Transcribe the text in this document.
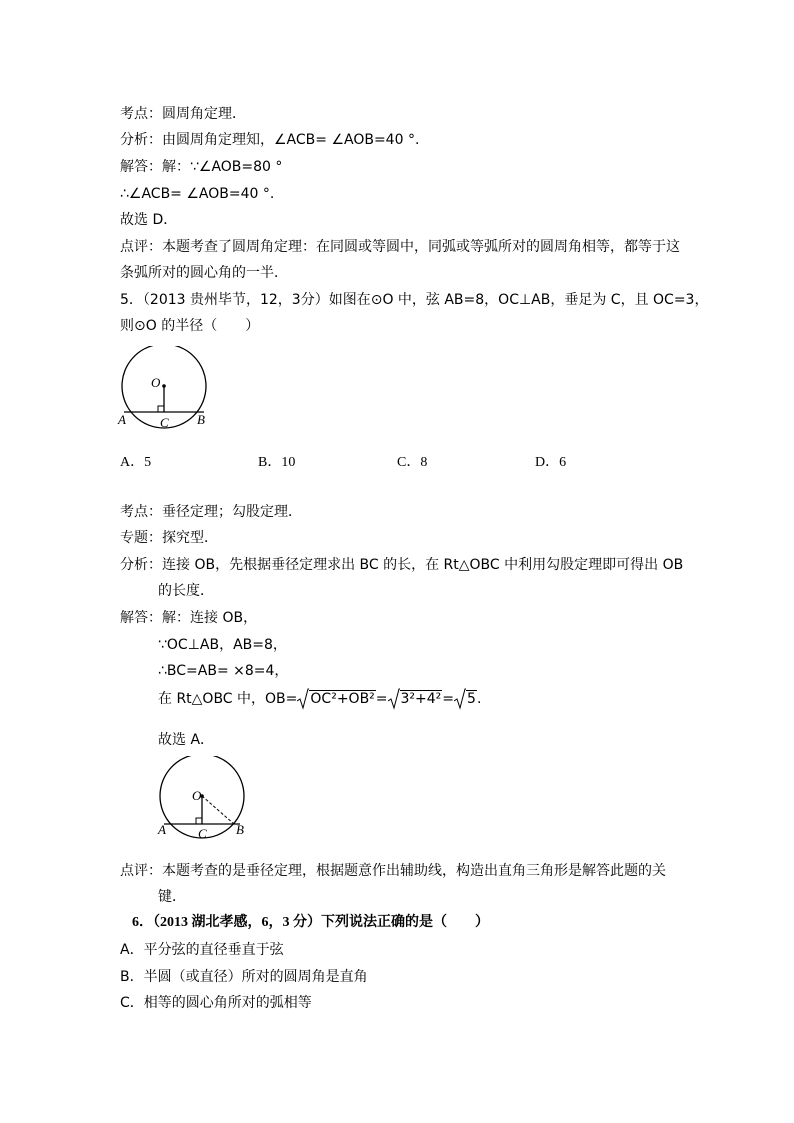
考点：圆周角定理．
分析：由圆周角定理知，∠ACB= ∠AOB=40 °.
解答：解：∵∠AOB=80 °
∴∠ACB= ∠AOB=40 °.
故选 D．
点评：本题考查了圆周角定理：在同圆或等圆中，同弧或等弧所对的圆周角相等，都等于这
条弧所对的圆心角的一半．
5．（2013 贵州毕节，12，3分）如图在⊙O 中，弦 AB=8，OC⊥AB，垂足为 C，且 OC=3，
则⊙O 的半径（　　）
O
A	B
C
A．5	B．10	C．8	D．6
考点：垂径定理；勾股定理．
专题：探究型．
分析：连接 OB，先根据垂径定理求出 BC 的长，在 Rt△OBC 中利用勾股定理即可得出 OB
的长度．
解答：解：连接 OB，
∵OC⊥AB，AB=8，
∴BC=AB= ×8=4，
在 Rt△OBC 中，OB= OC²+OB²= 3²+4²= 5.
故选 A．
O
A	B
C
点评：本题考查的是垂径定理，根据题意作出辅助线，构造出直角三角形是解答此题的关
键．
6．（2013 湖北孝感，6，3 分）下列说法正确的是（　　）
A．平分弦的直径垂直于弦
B．半圆（或直径）所对的圆周角是直角
C．相等的圆心角所对的弧相等
